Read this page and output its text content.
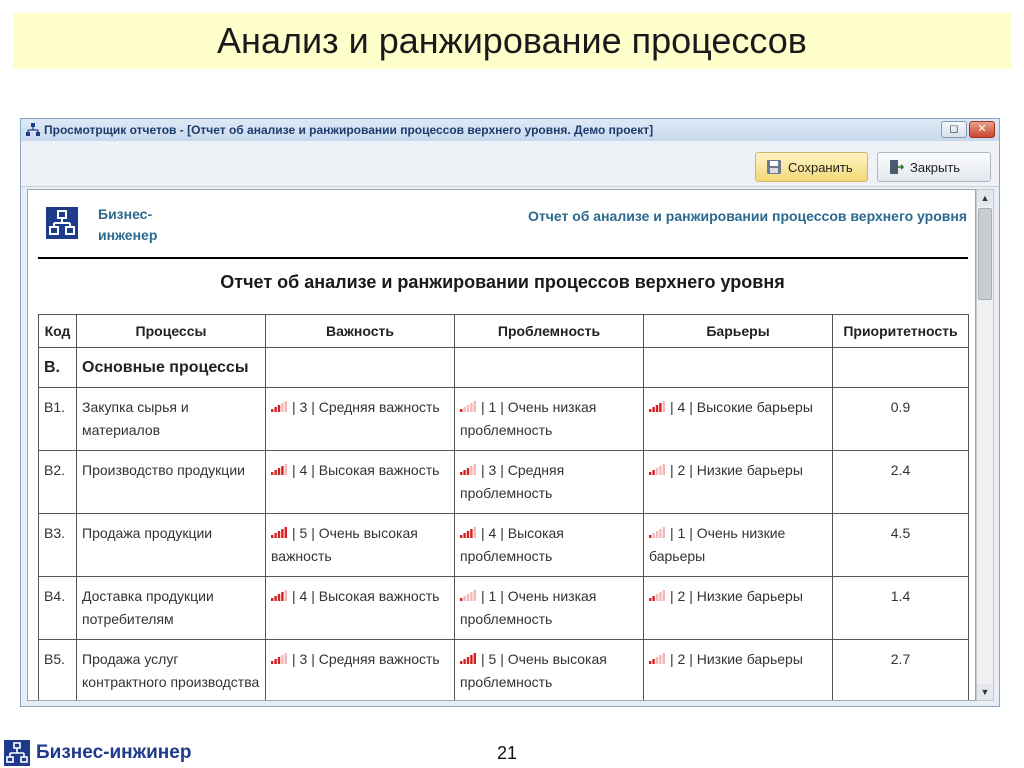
Анализ и ранжирование процессов
Просмотрщик отчетов - [Отчет об анализе и ранжировании процессов верхнего уровня. Демо проект]	◻	✕
Сохранить	Закрыть
Бизнес-инженер
Отчет об анализе и ранжировании процессов верхнего уровня
Отчет об анализе и ранжировании процессов верхнего уровня
Код	Процессы	Важность	Проблемность	Барьеры	Приоритетность
B.	Основные процессы				
B1.	Закупка сырья и материалов	| 3 | Средняя важность	| 1 | Очень низкая проблемность	| 4 | Высокие барьеры	0.9
B2.	Производство продукции	| 4 | Высокая важность	| 3 | Средняя проблемность	| 2 | Низкие барьеры	2.4
B3.	Продажа продукции	| 5 | Очень высокая важность	| 4 | Высокая проблемность	| 1 | Очень низкие барьеры	4.5
B4.	Доставка продукции потребителям	| 4 | Высокая важность	| 1 | Очень низкая проблемность	| 2 | Низкие барьеры	1.4
B5.	Продажа услуг контрактного производства	| 3 | Средняя важность	| 5 | Очень высокая проблемность	| 2 | Низкие барьеры	2.7
▲
▼
Бизнес-инжинер	21
